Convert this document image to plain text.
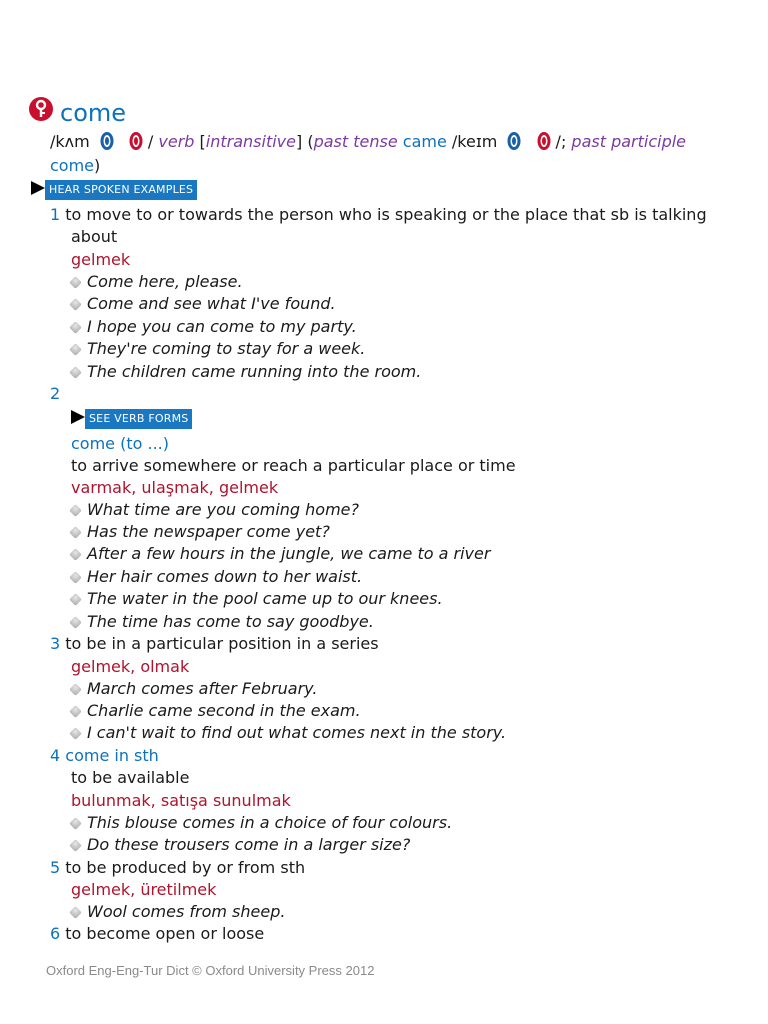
come
/kʌm	/ verb [intransitive] (past tense came /keɪm	/; past participle
come)
HEAR SPOKEN EXAMPLES
1 to move to or towards the person who is speaking or the place that sb is talking
about
gelmek
Come here, please.
Come and see what I've found.
I hope you can come to my party.
They're coming to stay for a week.
The children came running into the room.
2
SEE VERB FORMS
come (to ...)
to arrive somewhere or reach a particular place or time
varmak, ulaşmak, gelmek
What time are you coming home?
Has the newspaper come yet?
After a few hours in the jungle, we came to a river
Her hair comes down to her waist.
The water in the pool came up to our knees.
The time has come to say goodbye.
3 to be in a particular position in a series
gelmek, olmak
March comes after February.
Charlie came second in the exam.
I can't wait to find out what comes next in the story.
4 come in sth
to be available
bulunmak, satışa sunulmak
This blouse comes in a choice of four colours.
Do these trousers come in a larger size?
5 to be produced by or from sth
gelmek, üretilmek
Wool comes from sheep.
6 to become open or loose
Oxford Eng-Eng-Tur Dict © Oxford University Press 2012
